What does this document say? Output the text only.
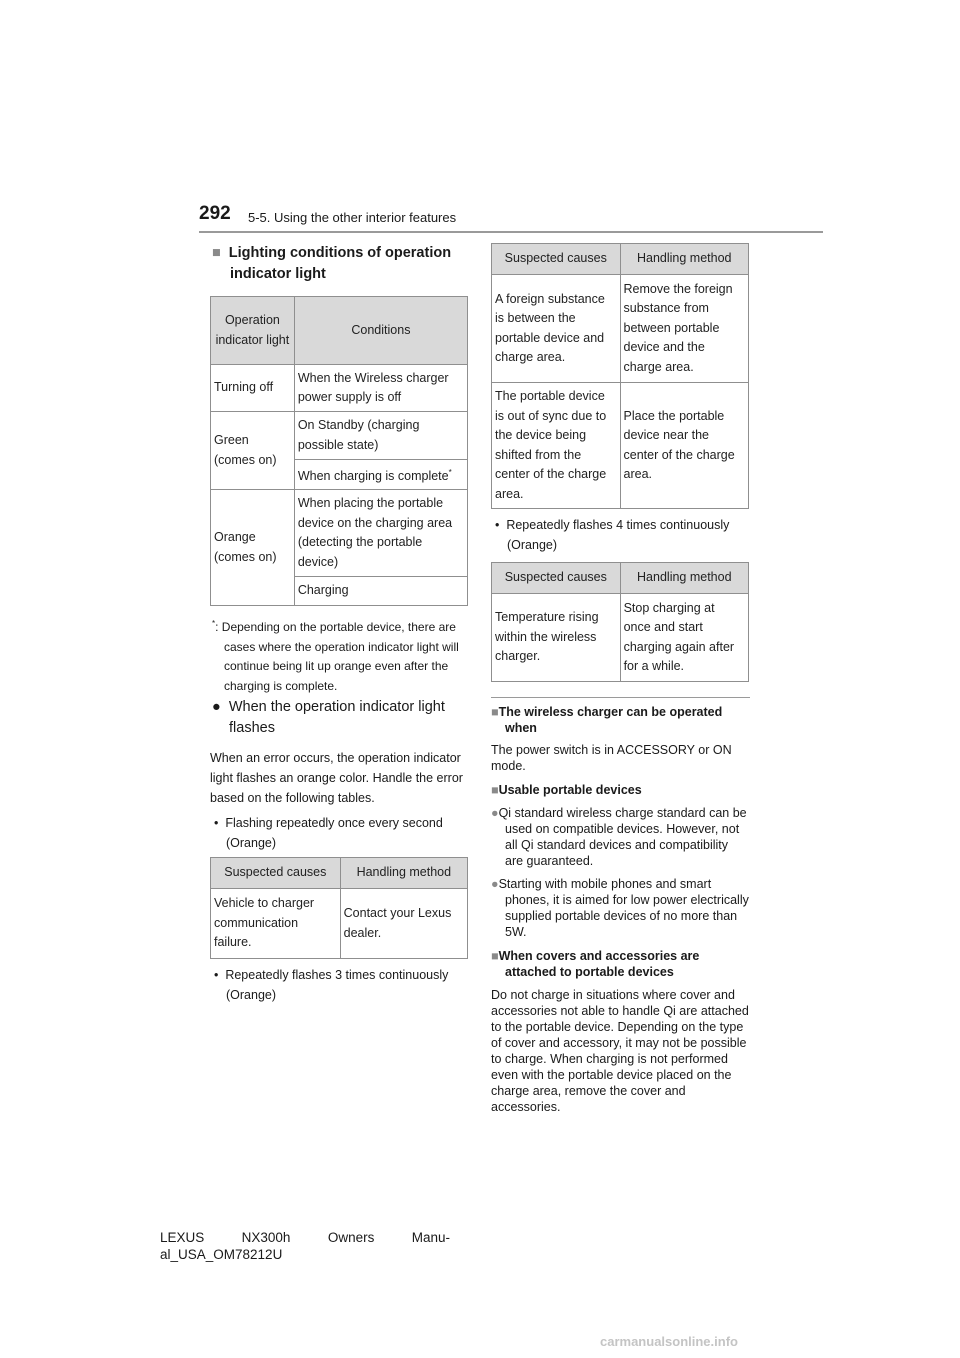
292 5-5. Using the other interior features
■ Lighting conditions of operation indicator light
Operation indicator light	Conditions
Turning off	When the Wireless charger power supply is off
Green (comes on)	On Standby (charging possible state)
	When charging is complete*
Orange (comes on)	When placing the portable device on the charging area (detecting the portable device)
	Charging
*: Depending on the portable device, there are cases where the operation indicator light will continue being lit up orange even after the charging is complete.
●  When the operation indicator light flashes
When an error occurs, the operation indicator light flashes an orange color. Handle the error based on the following tables.
•  Flashing repeatedly once every second (Orange)
Suspected causes	Handling method
Vehicle to charger communication failure.	Contact your Lexus dealer.
•  Repeatedly flashes 3 times continuously (Orange)
Suspected causes	Handling method
A foreign substance is between the portable device and charge area.	Remove the foreign substance from between portable device and the charge area.
The portable device is out of sync due to the device being shifted from the center of the charge area.	Place the portable device near the center of the charge area.
•  Repeatedly flashes 4 times continuously (Orange)
Suspected causes	Handling method
Temperature rising within the wireless charger.	Stop charging at once and start charging again after for a while.
■The wireless charger can be operated when
The power switch is in ACCESSORY or ON mode.
■Usable portable devices
●Qi standard wireless charge standard can be used on compatible devices. However, not all Qi standard devices and compatibility are guaranteed.
●Starting with mobile phones and smart phones, it is aimed for low power electrically supplied portable devices of no more than 5W.
■When covers and accessories are attached to portable devices
Do not charge in situations where cover and accessories not able to handle Qi are attached to the portable device. Depending on the type of cover and accessory, it may not be possible to charge. When charging is not performed even with the portable device placed on the charge area, remove the cover and accessories.
LEXUS	NX300h	Owners	Manu-
al_USA_OM78212U
carmanualsonline.info
